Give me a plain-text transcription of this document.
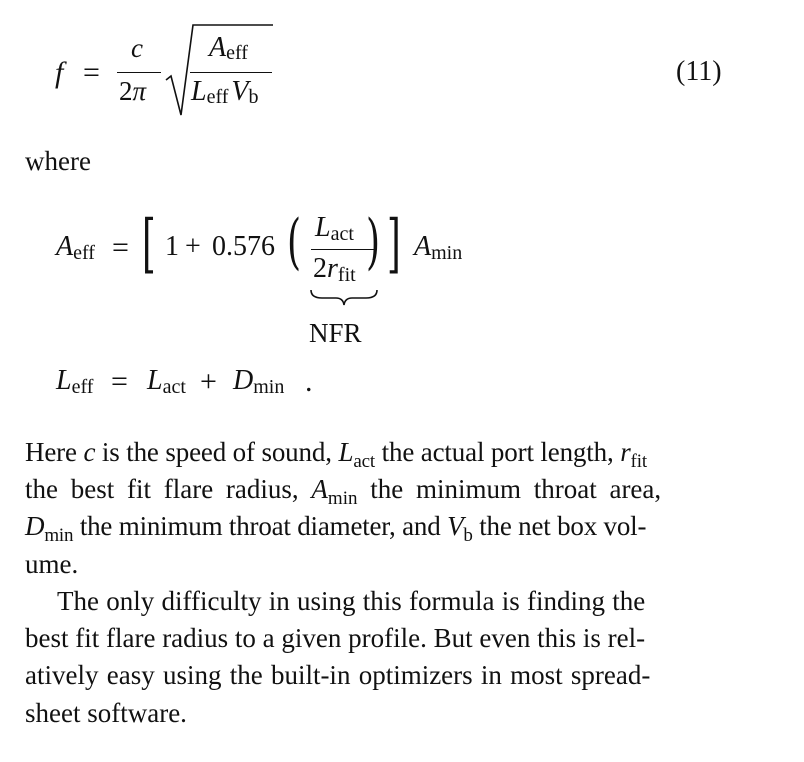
f =
c
2π
Aeff
Leff Vb
(11)
where
$A_{eff}$ = [ 1 + 0.576 ( $L_{act}$
$2r_{fit}$ ) ] $A_{min}$
NFR
$L_{eff} = L_{act} + D_{min}$ .
Here c is the speed of sound, $L_{act}$ the actual port length, $r_{fit}$
the best fit flare radius, $A_{min}$ the minimum throat area,
$D_{min}$ the minimum throat diameter, and $V_b$ the net box vol-
ume.
The only difficulty in using this formula is finding the
best fit flare radius to a given profile. But even this is rel-
atively easy using the built-in optimizers in most spread-
sheet software.
